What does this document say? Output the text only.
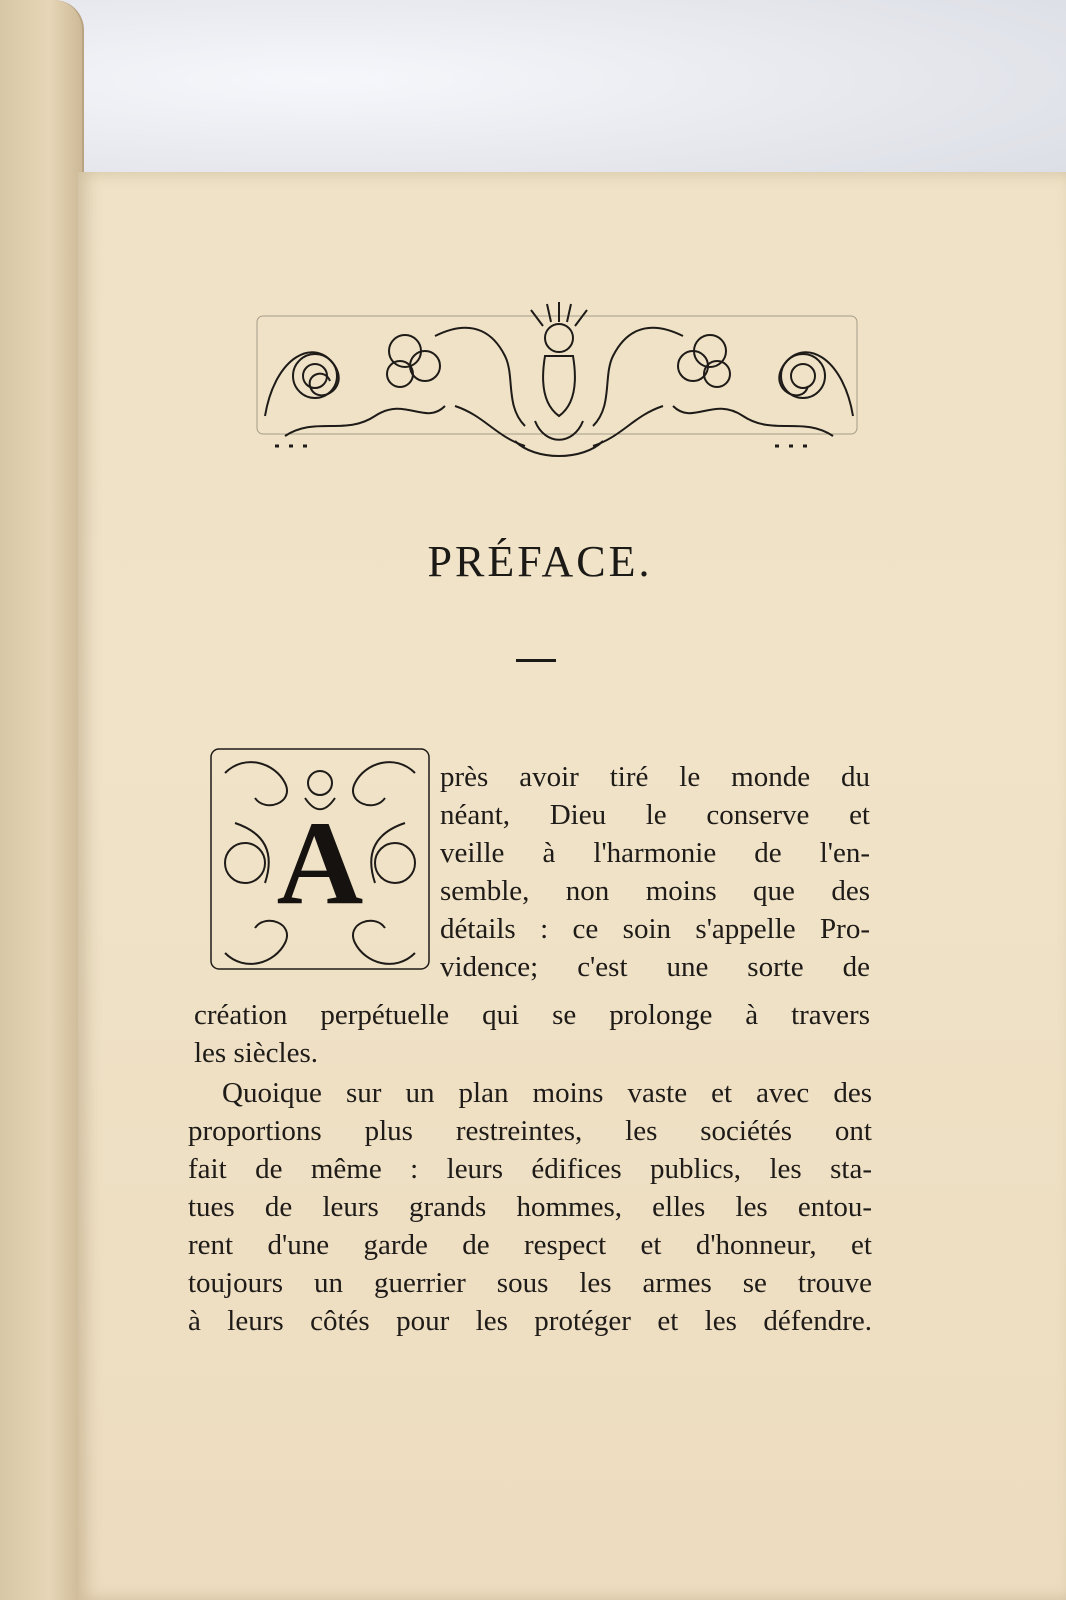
PRÉFACE.
A
près avoir tiré le monde du
néant, Dieu le conserve et
veille à l'harmonie de l'en-
semble, non moins que des
détails : ce soin s'appelle Pro-
vidence; c'est une sorte de
création perpétuelle qui se prolonge à travers
les siècles.
Quoique sur un plan moins vaste et avec des
proportions plus restreintes, les sociétés ont
fait de même : leurs édifices publics, les sta-
tues de leurs grands hommes, elles les entou-
rent d'une garde de respect et d'honneur, et
toujours un guerrier sous les armes se trouve
à leurs côtés pour les protéger et les défendre.
